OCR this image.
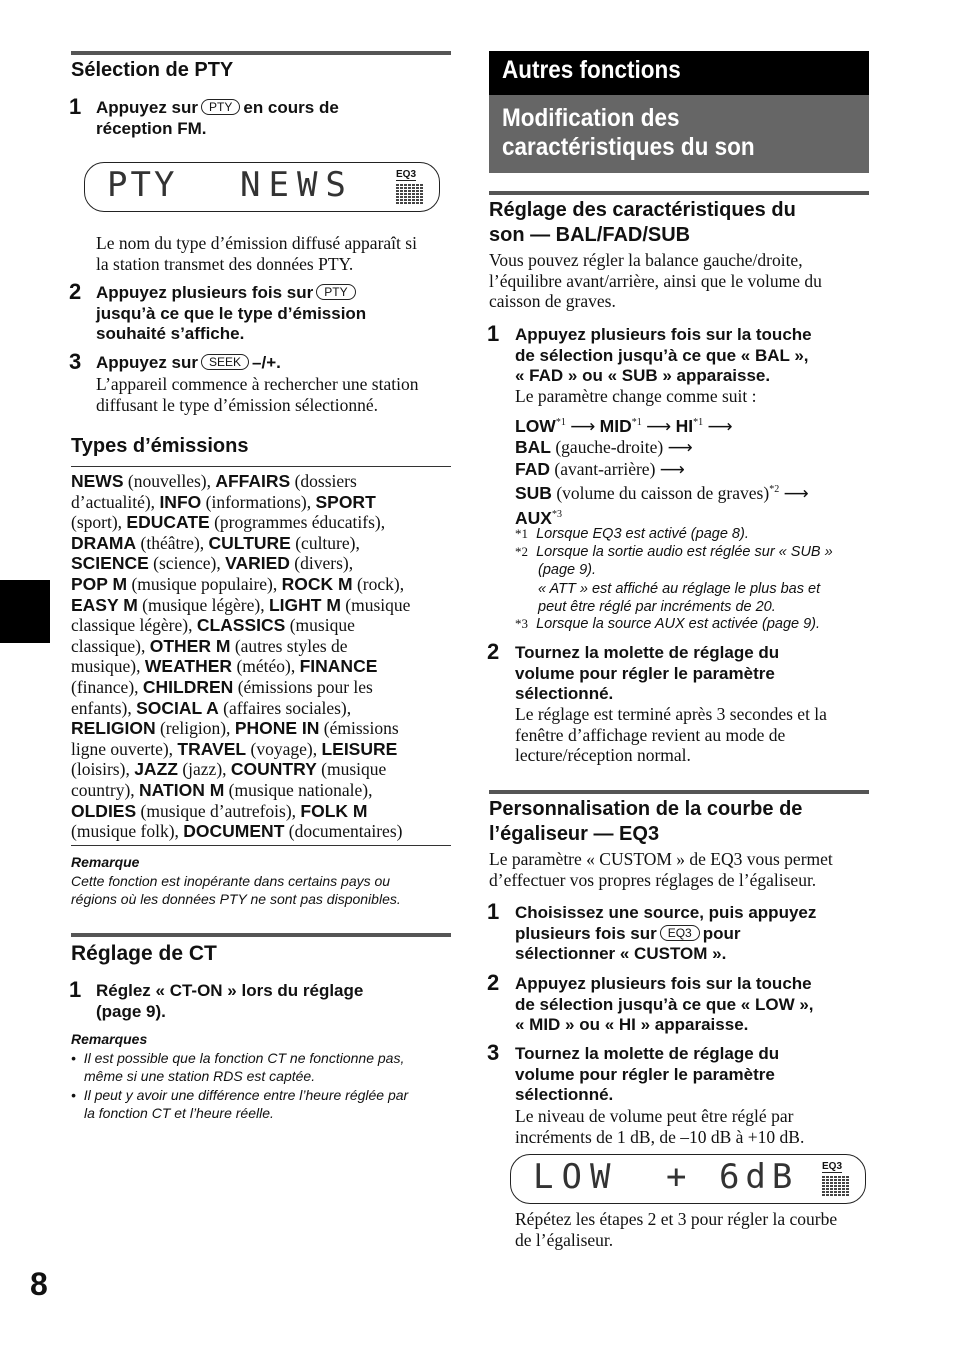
Sélection de PTY
1 Appuyez sur PTY en cours de
réception FM.
PTY NEWS	EQ3
Le nom du type d’émission diffusé apparaît si
la station transmet des données PTY.
2 Appuyez plusieurs fois sur PTY
jusqu’à ce que le type d’émission
souhaité s’affiche.
3 Appuyez sur SEEK –/+.
L’appareil commence à rechercher une station
diffusant le type d’émission sélectionné.
Types d’émissions
NEWS (nouvelles), AFFAIRS (dossiers
d’actualité), INFO (informations), SPORT
(sport), EDUCATE (programmes éducatifs),
DRAMA (théâtre), CULTURE (culture),
SCIENCE (science), VARIED (divers),
POP M (musique populaire), ROCK M (rock),
EASY M (musique légère), LIGHT M (musique
classique légère), CLASSICS (musique
classique), OTHER M (autres styles de
musique), WEATHER (météo), FINANCE
(finance), CHILDREN (émissions pour les
enfants), SOCIAL A (affaires sociales),
RELIGION (religion), PHONE IN (émissions
ligne ouverte), TRAVEL (voyage), LEISURE
(loisirs), JAZZ (jazz), COUNTRY (musique
country), NATION M (musique nationale),
OLDIES (musique d’autrefois), FOLK M
(musique folk), DOCUMENT (documentaires)
Remarque
Cette fonction est inopérante dans certains pays ou
régions où les données PTY ne sont pas disponibles.
Réglage de CT
1 Réglez « CT-ON » lors du réglage
(page 9).
Remarques
•  Il est possible que la fonction CT ne fonctionne pas,
même si une station RDS est captée.
•  Il peut y avoir une différence entre l’heure réglée par
la fonction CT et l’heure réelle.
8
Autres fonctions
Modification des
caractéristiques du son
Réglage des caractéristiques du
son — BAL/FAD/SUB
Vous pouvez régler la balance gauche/droite,
l’équilibre avant/arrière, ainsi que le volume du
caisson de graves.
1 Appuyez plusieurs fois sur la touche
de sélection jusqu’à ce que « BAL »,
« FAD » ou « SUB » apparaisse.
Le paramètre change comme suit :
LOW$^{*1}$ ⟶ MID$^{*1}$ ⟶ HI$^{*1}$ ⟶
BAL (gauche-droite) ⟶
FAD (avant-arrière) ⟶
SUB (volume du caisson de graves)$^{*2}$ ⟶
AUX$^{*3}$
*1 Lorsque EQ3 est activé (page 8).
*2 Lorsque la sortie audio est réglée sur « SUB »
(page 9).
« ATT » est affiché au réglage le plus bas et
peut être réglé par incréments de 20.
*3 Lorsque la source AUX est activée (page 9).
2 Tournez la molette de réglage du
volume pour régler le paramètre
sélectionné.
Le réglage est terminé après 3 secondes et la
fenêtre d’affichage revient au mode de
lecture/réception normal.
Personnalisation de la courbe de
l’égaliseur — EQ3
Le paramètre « CUSTOM » de EQ3 vous permet
d’effectuer vos propres réglages de l’égaliseur.
1 Choisissez une source, puis appuyez
plusieurs fois sur EQ3 pour
sélectionner « CUSTOM ».
2 Appuyez plusieurs fois sur la touche
de sélection jusqu’à ce que « LOW »,
« MID » ou « HI » apparaisse.
3 Tournez la molette de réglage du
volume pour régler le paramètre
sélectionné.
Le niveau de volume peut être réglé par
incréments de 1 dB, de –10 dB à +10 dB.
LOW + 6dB EQ3
Répétez les étapes 2 et 3 pour régler la courbe
de l’égaliseur.
